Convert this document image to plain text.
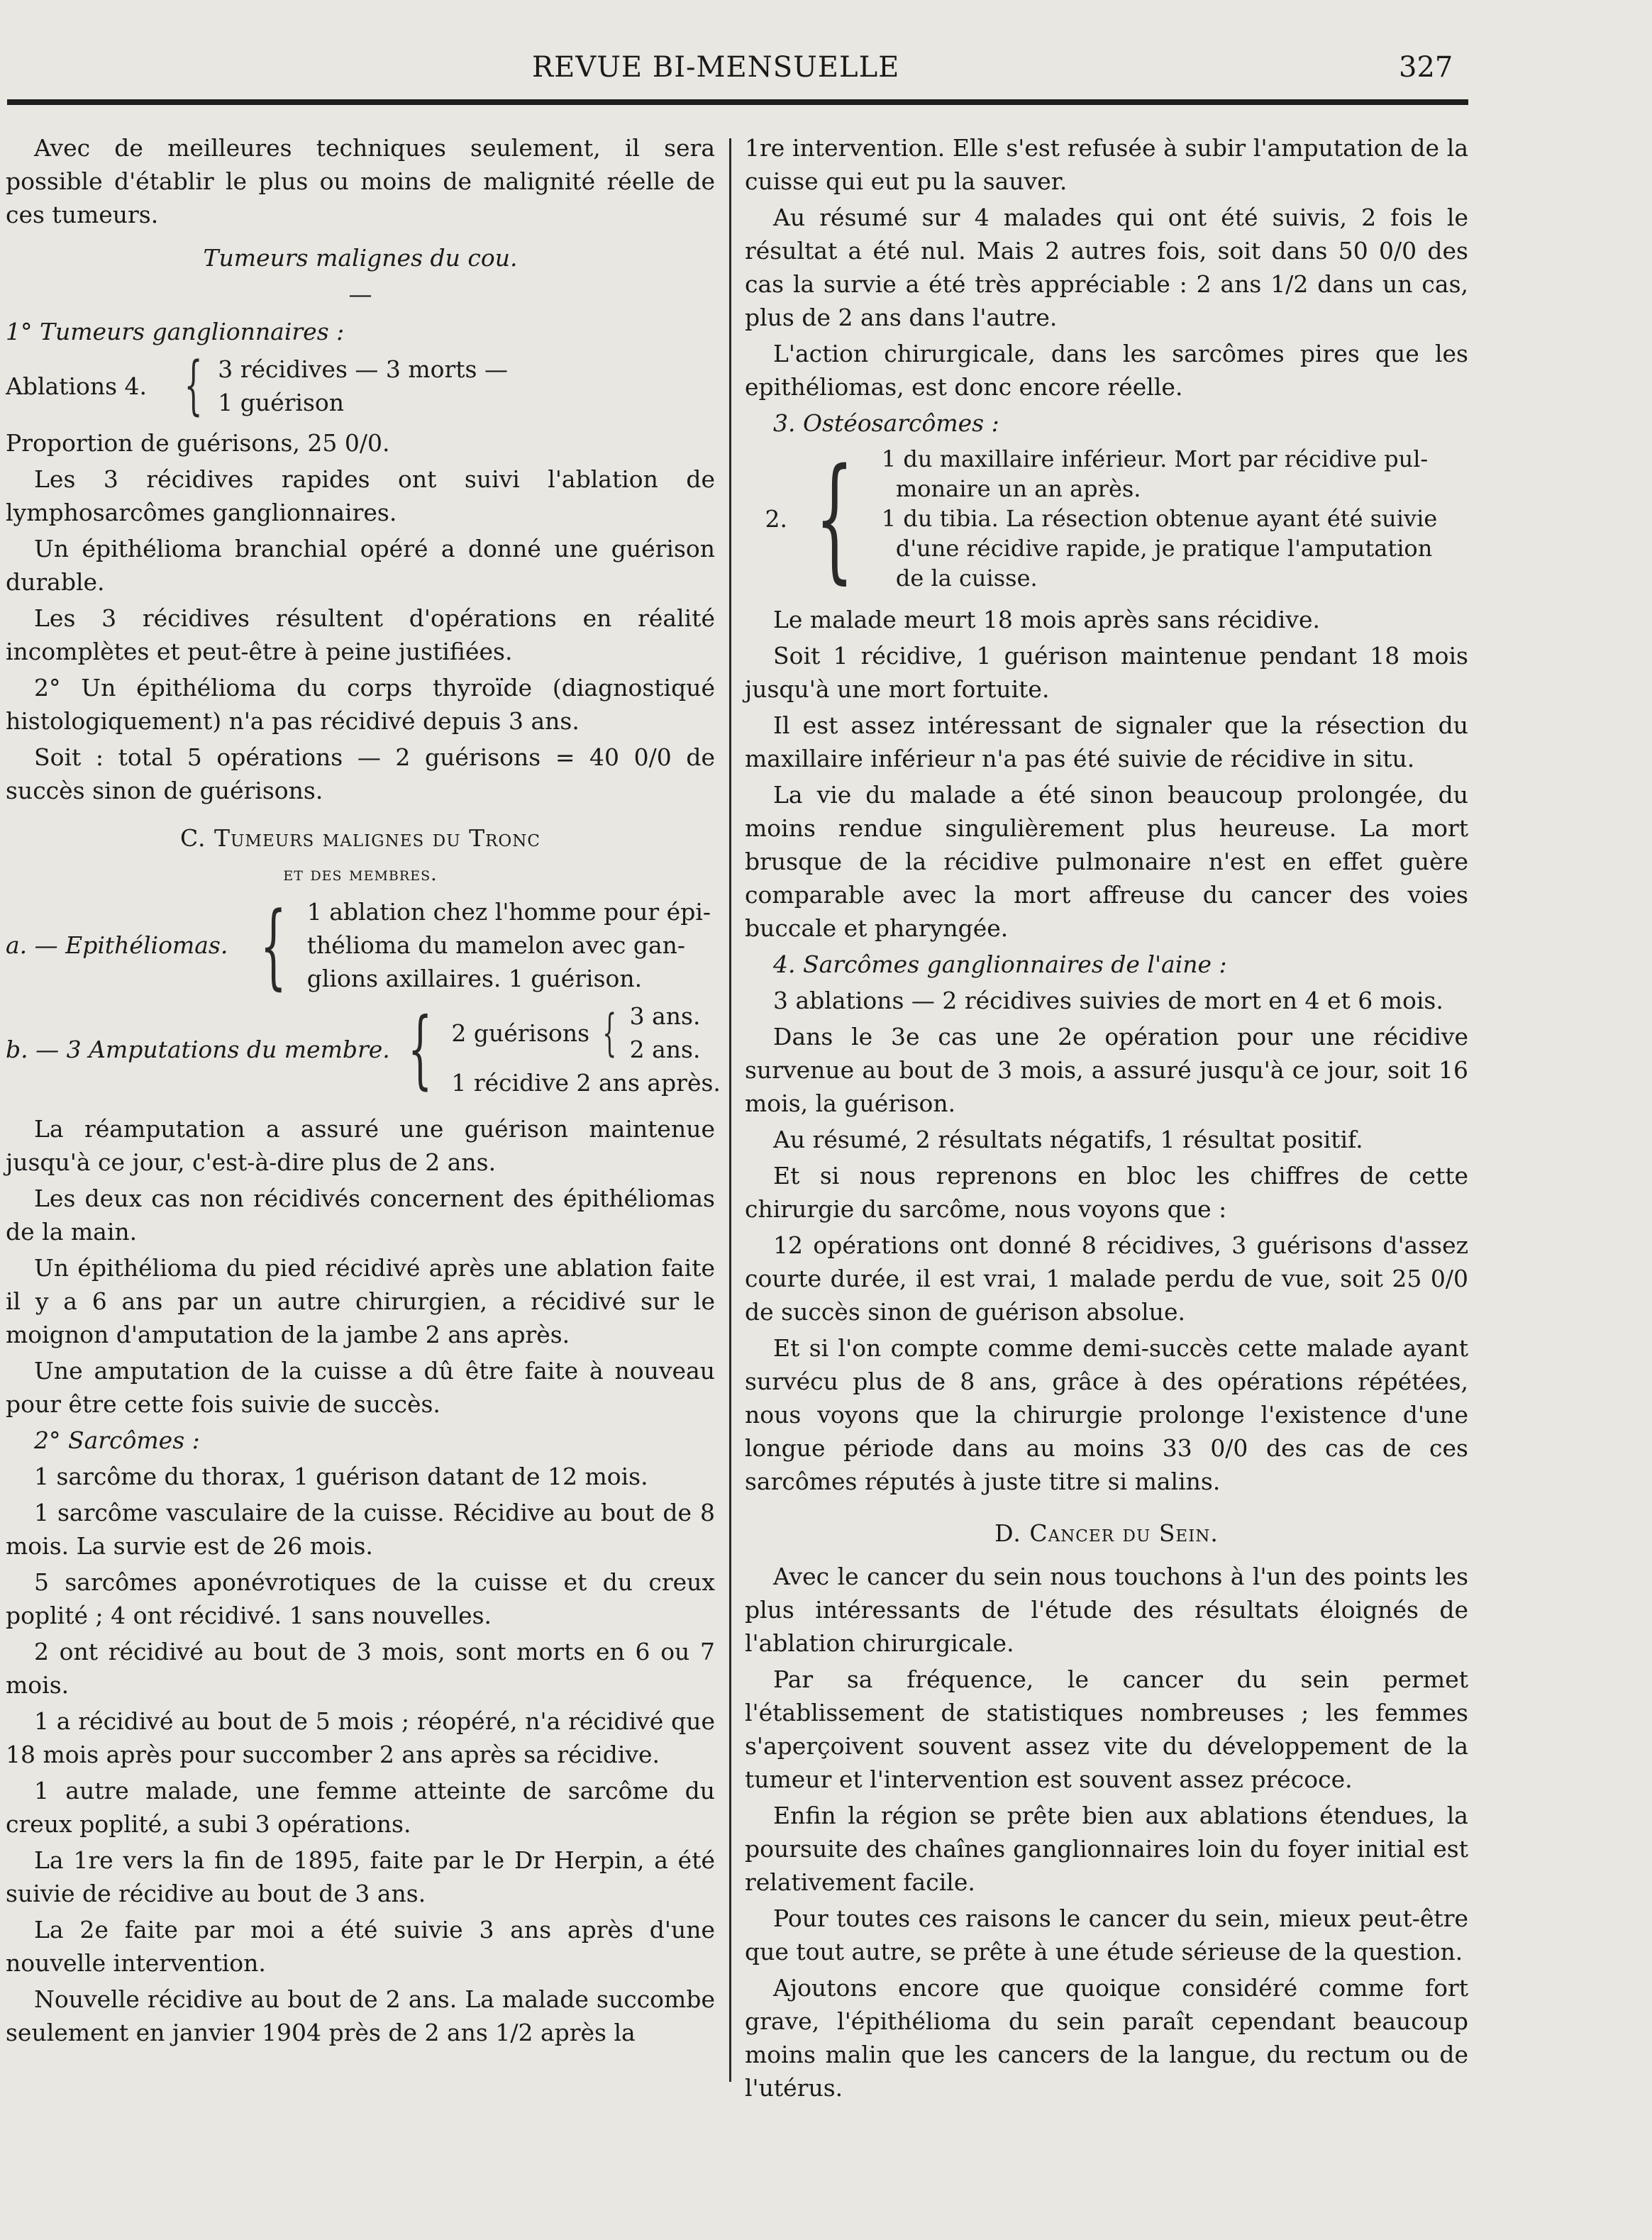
REVUE BI-MENSUELLE	327

Avec de meilleures techniques seulement, il sera possible d'établir le plus ou moins de malignité réelle de ces tumeurs.

Tumeurs malignes du cou.

—

1° Tumeurs ganglionnaires :

Ablations 4. { 3 récidives — 3 morts —
1 guérison

Proportion de guérisons, 25 0/0.

Les 3 récidives rapides ont suivi l'ablation de lymphosarcômes ganglionnaires.

Un épithélioma branchial opéré a donné une guérison durable.

Les 3 récidives résultent d'opérations en réalité incomplètes et peut-être à peine justifiées.

2° Un épithélioma du corps thyroïde (diagnostiqué histologiquement) n'a pas récidivé depuis 3 ans.

Soit : total 5 opérations — 2 guérisons = 40 0/0 de succès sinon de guérisons.

C. Tumeurs malignes du Tronc

et des membres.

a. — Epithéliomas. { 1 ablation chez l'homme pour épi-
thélioma du mamelon avec gan-
glions axillaires. 1 guérison.
b. — 3 Amputations du membre. { 2 guérisons { 3 ans.
2 ans.
1 récidive 2 ans après.

La réamputation a assuré une guérison maintenue jusqu'à ce jour, c'est-à-dire plus de 2 ans.

Les deux cas non récidivés concernent des épithéliomas de la main.

Un épithélioma du pied récidivé après une ablation faite il y a 6 ans par un autre chirurgien, a récidivé sur le moignon d'amputation de la jambe 2 ans après.

Une amputation de la cuisse a dû être faite à nouveau pour être cette fois suivie de succès.

2° Sarcômes :

1 sarcôme du thorax, 1 guérison datant de 12 mois.

1 sarcôme vasculaire de la cuisse. Récidive au bout de 8 mois. La survie est de 26 mois.

5 sarcômes aponévrotiques de la cuisse et du creux poplité ; 4 ont récidivé. 1 sans nouvelles.

2 ont récidivé au bout de 3 mois, sont morts en 6 ou 7 mois.

1 a récidivé au bout de 5 mois ; réopéré, n'a récidivé que 18 mois après pour succomber 2 ans après sa récidive.

1 autre malade, une femme atteinte de sarcôme du creux poplité, a subi 3 opérations.

La 1re vers la fin de 1895, faite par le Dr Herpin, a été suivie de récidive au bout de 3 ans.

La 2e faite par moi a été suivie 3 ans après d'une nouvelle intervention.

Nouvelle récidive au bout de 2 ans. La malade succombe seulement en janvier 1904 près de 2 ans 1/2 après la

1re intervention. Elle s'est refusée à subir l'amputation de la cuisse qui eut pu la sauver.

Au résumé sur 4 malades qui ont été suivis, 2 fois le résultat a été nul. Mais 2 autres fois, soit dans 50 0/0 des cas la survie a été très appréciable : 2 ans 1/2 dans un cas, plus de 2 ans dans l'autre.

L'action chirurgicale, dans les sarcômes pires que les epithéliomas, est donc encore réelle.

3. Ostéosarcômes :

2. { 1 du maxillaire inférieur. Mort par récidive pul-
monaire un an après.
1 du tibia. La résection obtenue ayant été suivie
d'une récidive rapide, je pratique l'amputation
de la cuisse.

Le malade meurt 18 mois après sans récidive.

Soit 1 récidive, 1 guérison maintenue pendant 18 mois jusqu'à une mort fortuite.

Il est assez intéressant de signaler que la résection du maxillaire inférieur n'a pas été suivie de récidive in situ.

La vie du malade a été sinon beaucoup prolongée, du moins rendue singulièrement plus heureuse. La mort brusque de la récidive pulmonaire n'est en effet guère comparable avec la mort affreuse du cancer des voies buccale et pharyngée.

4. Sarcômes ganglionnaires de l'aine :

3 ablations — 2 récidives suivies de mort en 4 et 6 mois.

Dans le 3e cas une 2e opération pour une récidive survenue au bout de 3 mois, a assuré jusqu'à ce jour, soit 16 mois, la guérison.

Au résumé, 2 résultats négatifs, 1 résultat positif.

Et si nous reprenons en bloc les chiffres de cette chirurgie du sarcôme, nous voyons que :

12 opérations ont donné 8 récidives, 3 guérisons d'assez courte durée, il est vrai, 1 malade perdu de vue, soit 25 0/0 de succès sinon de guérison absolue.

Et si l'on compte comme demi-succès cette malade ayant survécu plus de 8 ans, grâce à des opérations répétées, nous voyons que la chirurgie prolonge l'existence d'une longue période dans au moins 33 0/0 des cas de ces sarcômes réputés à juste titre si malins.

D. Cancer du Sein.

Avec le cancer du sein nous touchons à l'un des points les plus intéressants de l'étude des résultats éloignés de l'ablation chirurgicale.

Par sa fréquence, le cancer du sein permet l'établissement de statistiques nombreuses ; les femmes s'aperçoivent souvent assez vite du développement de la tumeur et l'intervention est souvent assez précoce.

Enfin la région se prête bien aux ablations étendues, la poursuite des chaînes ganglionnaires loin du foyer initial est relativement facile.

Pour toutes ces raisons le cancer du sein, mieux peut-être que tout autre, se prête à une étude sérieuse de la question.

Ajoutons encore que quoique considéré comme fort grave, l'épithélioma du sein paraît cependant beaucoup moins malin que les cancers de la langue, du rectum ou de l'utérus.
